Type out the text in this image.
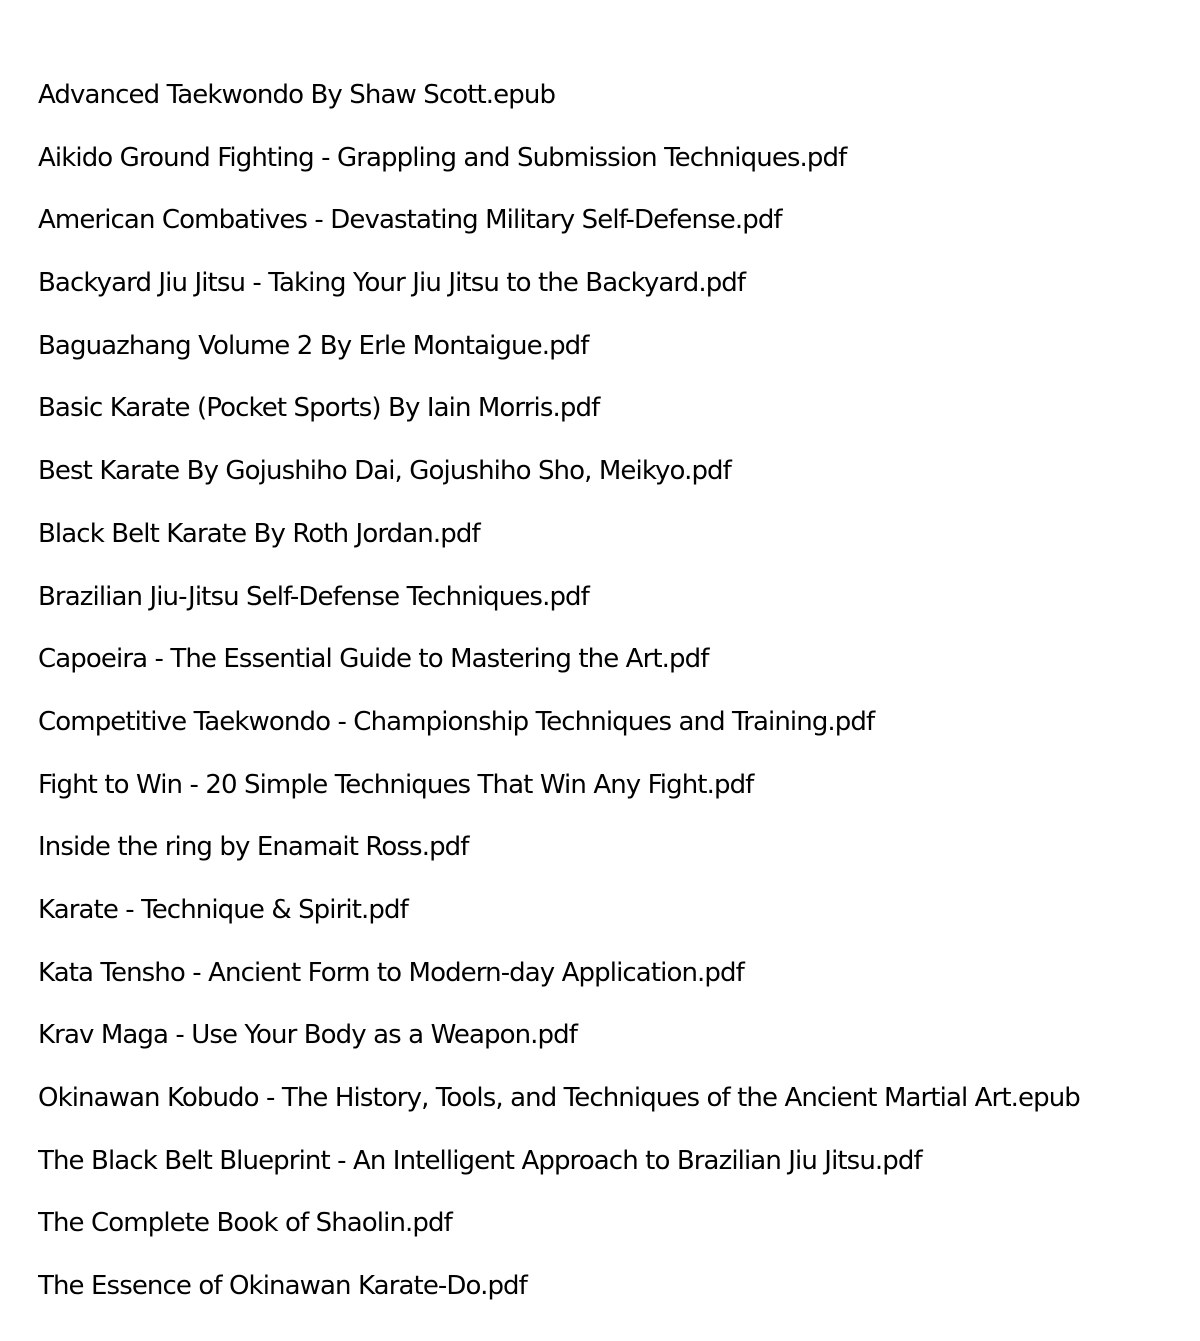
Advanced Taekwondo By Shaw Scott.epub
Aikido Ground Fighting - Grappling and Submission Techniques.pdf
American Combatives - Devastating Military Self-Defense.pdf
Backyard Jiu Jitsu - Taking Your Jiu Jitsu to the Backyard.pdf
Baguazhang Volume 2 By Erle Montaigue.pdf
Basic Karate (Pocket Sports) By Iain Morris.pdf
Best Karate By Gojushiho Dai, Gojushiho Sho, Meikyo.pdf
Black Belt Karate By Roth Jordan.pdf
Brazilian Jiu-Jitsu Self-Defense Techniques.pdf
Capoeira - The Essential Guide to Mastering the Art.pdf
Competitive Taekwondo - Championship Techniques and Training.pdf
Fight to Win - 20 Simple Techniques That Win Any Fight.pdf
Inside the ring by Enamait Ross.pdf
Karate - Technique & Spirit.pdf
Kata Tensho - Ancient Form to Modern-day Application.pdf
Krav Maga - Use Your Body as a Weapon.pdf
Okinawan Kobudo - The History, Tools, and Techniques of the Ancient Martial Art.epub
The Black Belt Blueprint - An Intelligent Approach to Brazilian Jiu Jitsu.pdf
The Complete Book of Shaolin.pdf
The Essence of Okinawan Karate-Do.pdf
